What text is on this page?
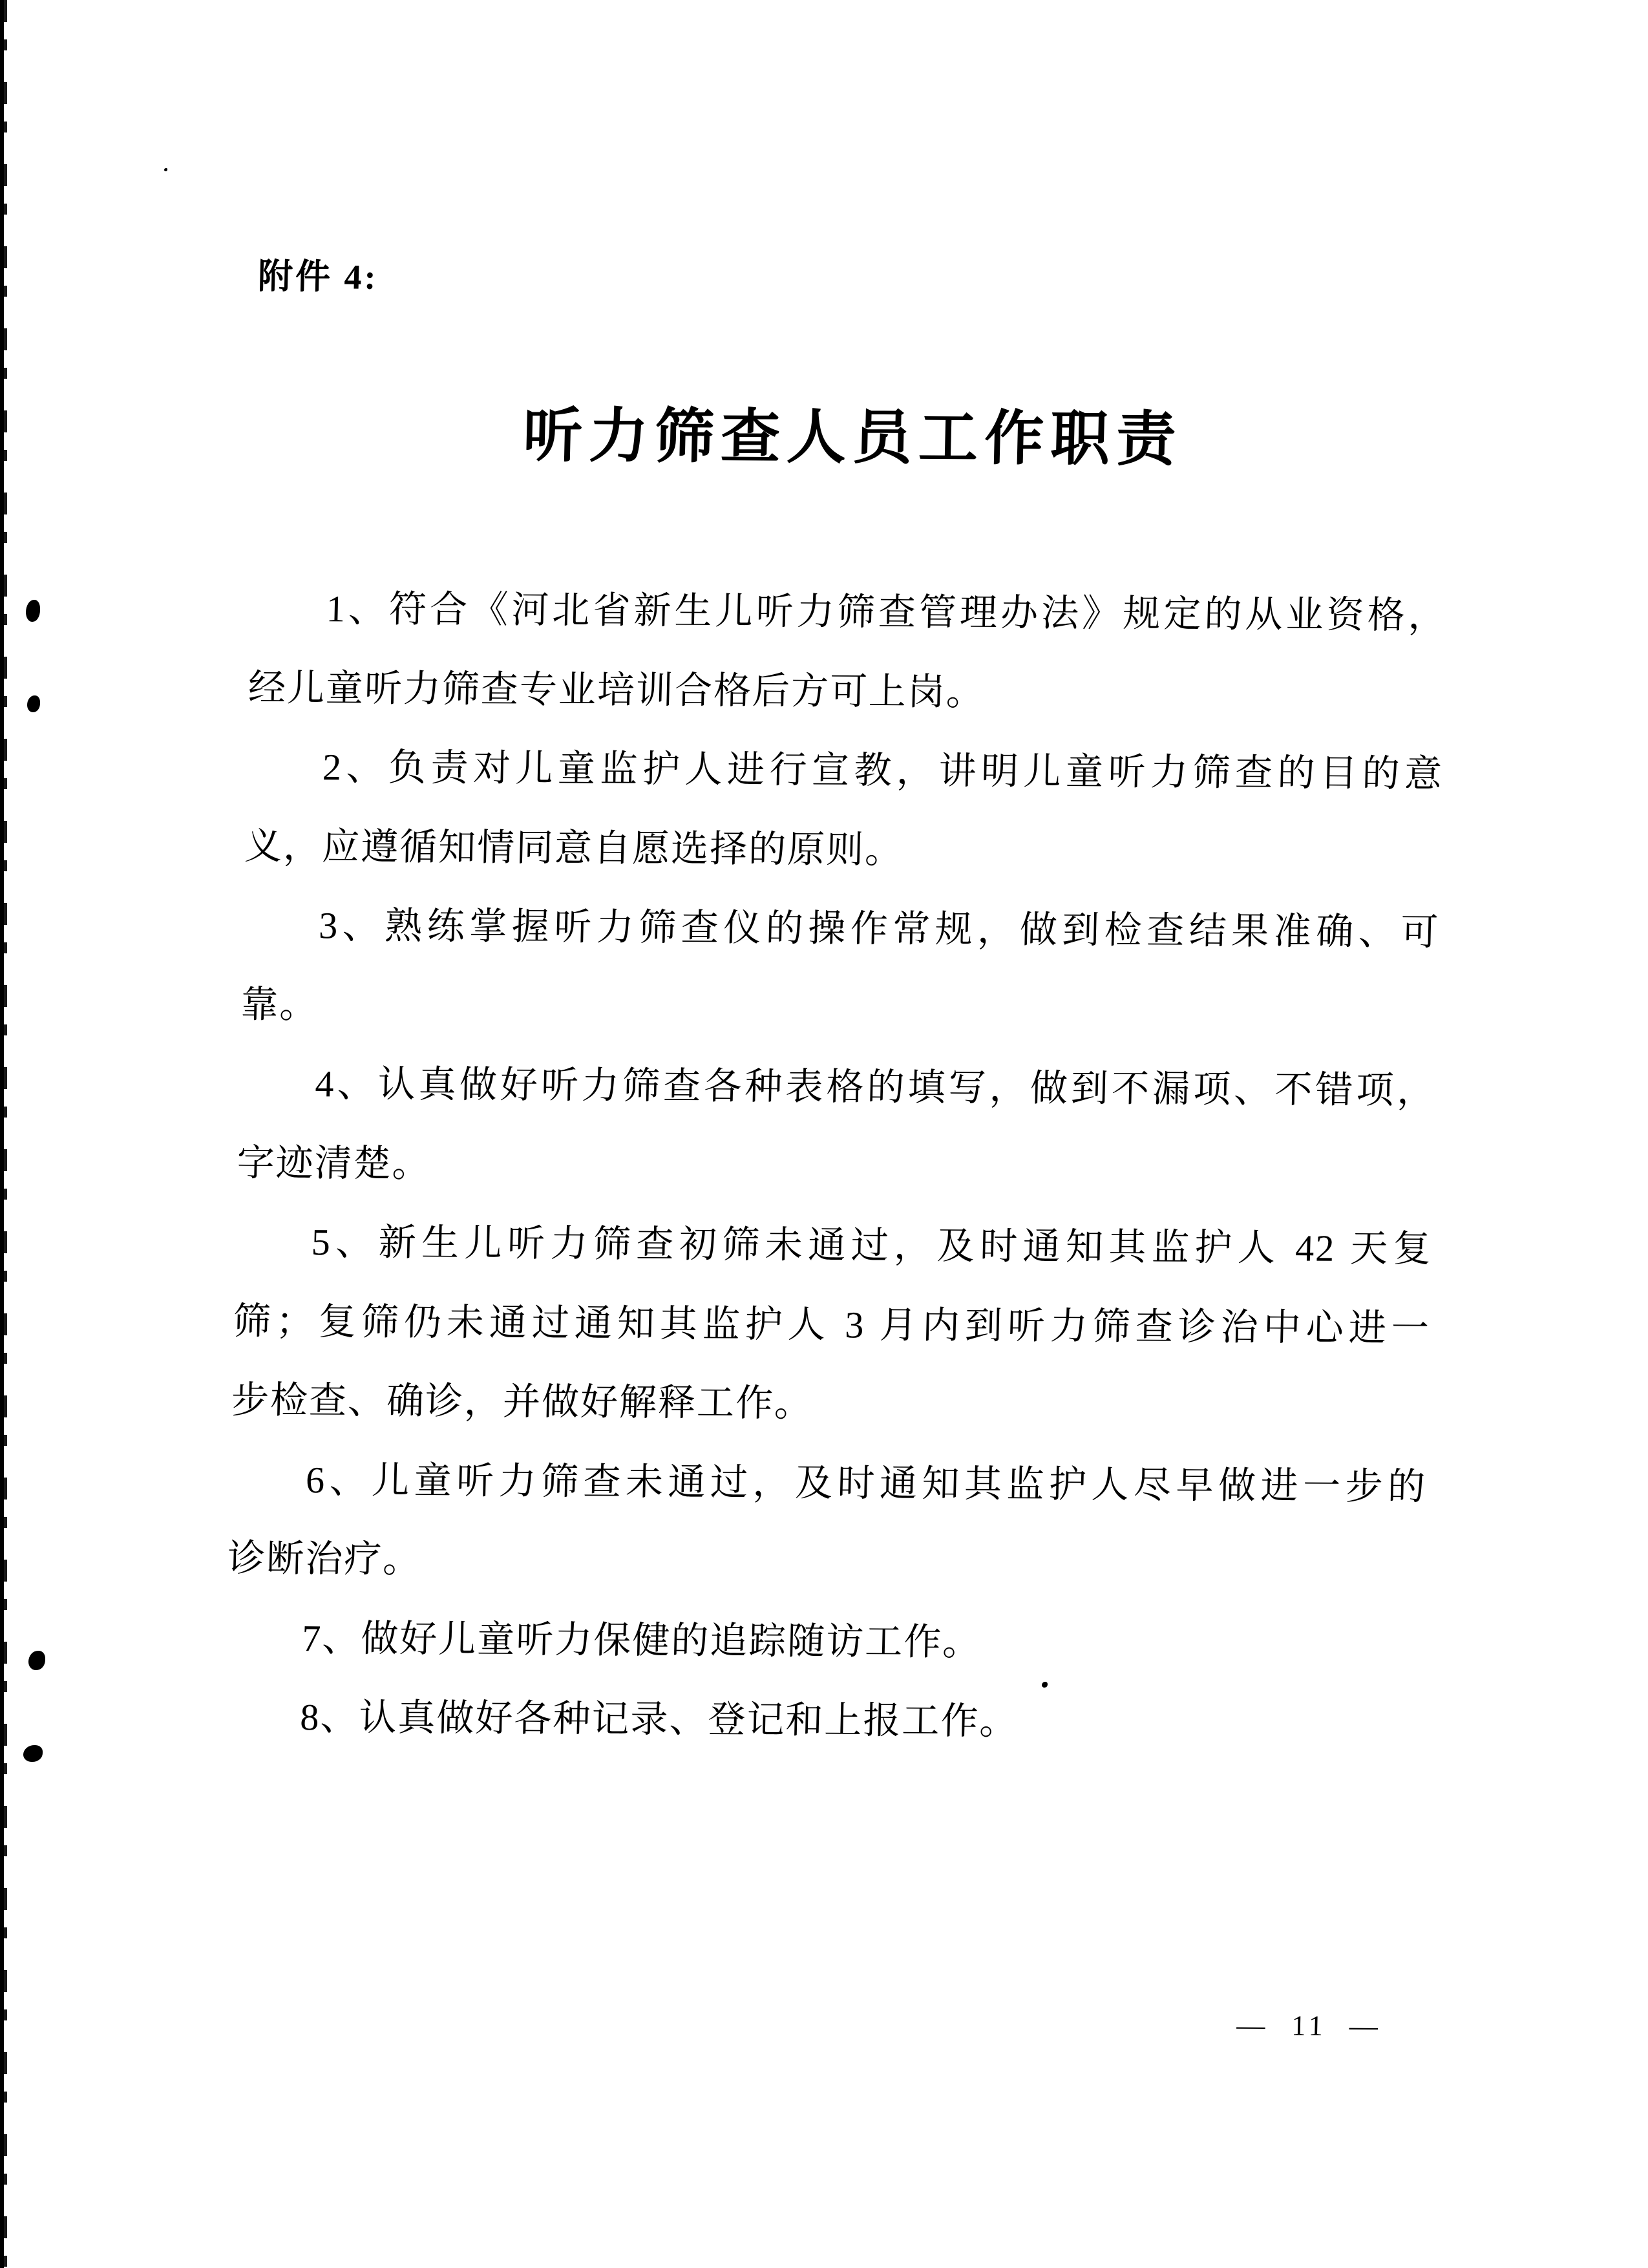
附件 4:
听力筛查人员工作职责
1、符合《河北省新生儿听力筛查管理办法》规定的从业资格，
经儿童听力筛查专业培训合格后方可上岗。
2、负责对儿童监护人进行宣教，讲明儿童听力筛查的目的意
义，应遵循知情同意自愿选择的原则。
3、熟练掌握听力筛查仪的操作常规，做到检查结果准确、可
靠。
4、认真做好听力筛查各种表格的填写，做到不漏项、不错项，
字迹清楚。
5、新生儿听力筛查初筛未通过，及时通知其监护人 42 天复
筛；复筛仍未通过通知其监护人 3 月内到听力筛查诊治中心进一
步检查、确诊，并做好解释工作。
6、儿童听力筛查未通过，及时通知其监护人尽早做进一步的
诊断治疗。
7、做好儿童听力保健的追踪随访工作。
8、认真做好各种记录、登记和上报工作。
— 11 —
